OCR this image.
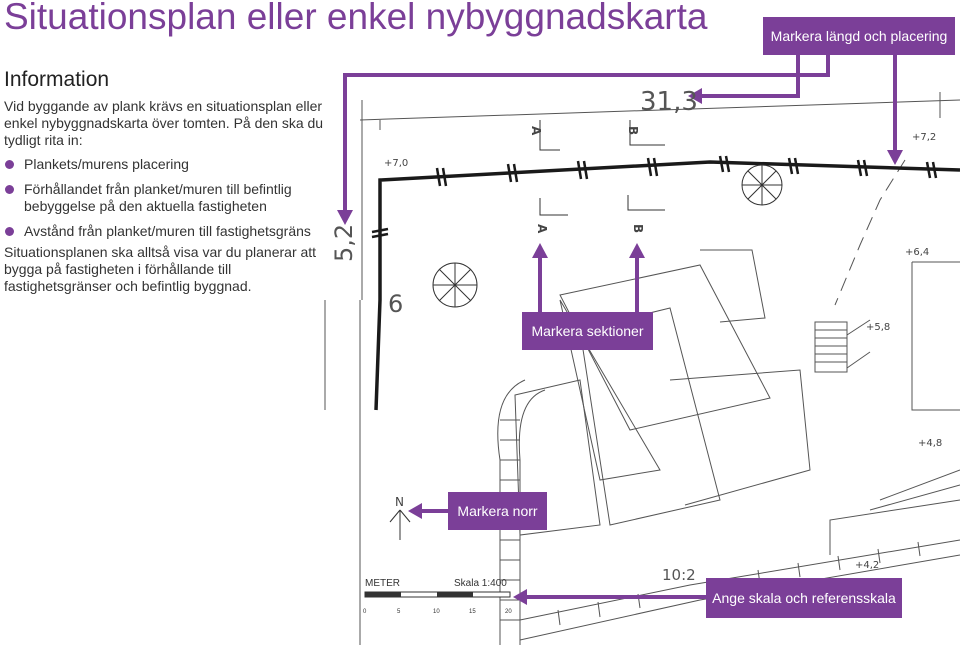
31,3
5,2
6
10:2
N
A	B
A	B
+7,0
+7,2
+6,4
+5,8
+4,8
+4,2
METER	Skala 1:400
0	5	10	15	20
Situationsplan eller enkel nybyggnadskarta
Information
Vid byggande av plank krävs en situationsplan eller enkel nybyggnadskarta över tomten. På den ska du tydligt rita in:
Plankets/murens placering
Förhållandet från planket/muren till befintlig bebyggelse på den aktuella fastigheten
Avstånd från planket/muren till fastighetsgräns
Situationsplanen ska alltså visa var du planerar att bygga på fastigheten i förhållande till fastighetsgränser och befintlig byggnad.
Markera längd och placering
Markera sektioner
Markera norr
Ange skala och referensskala
